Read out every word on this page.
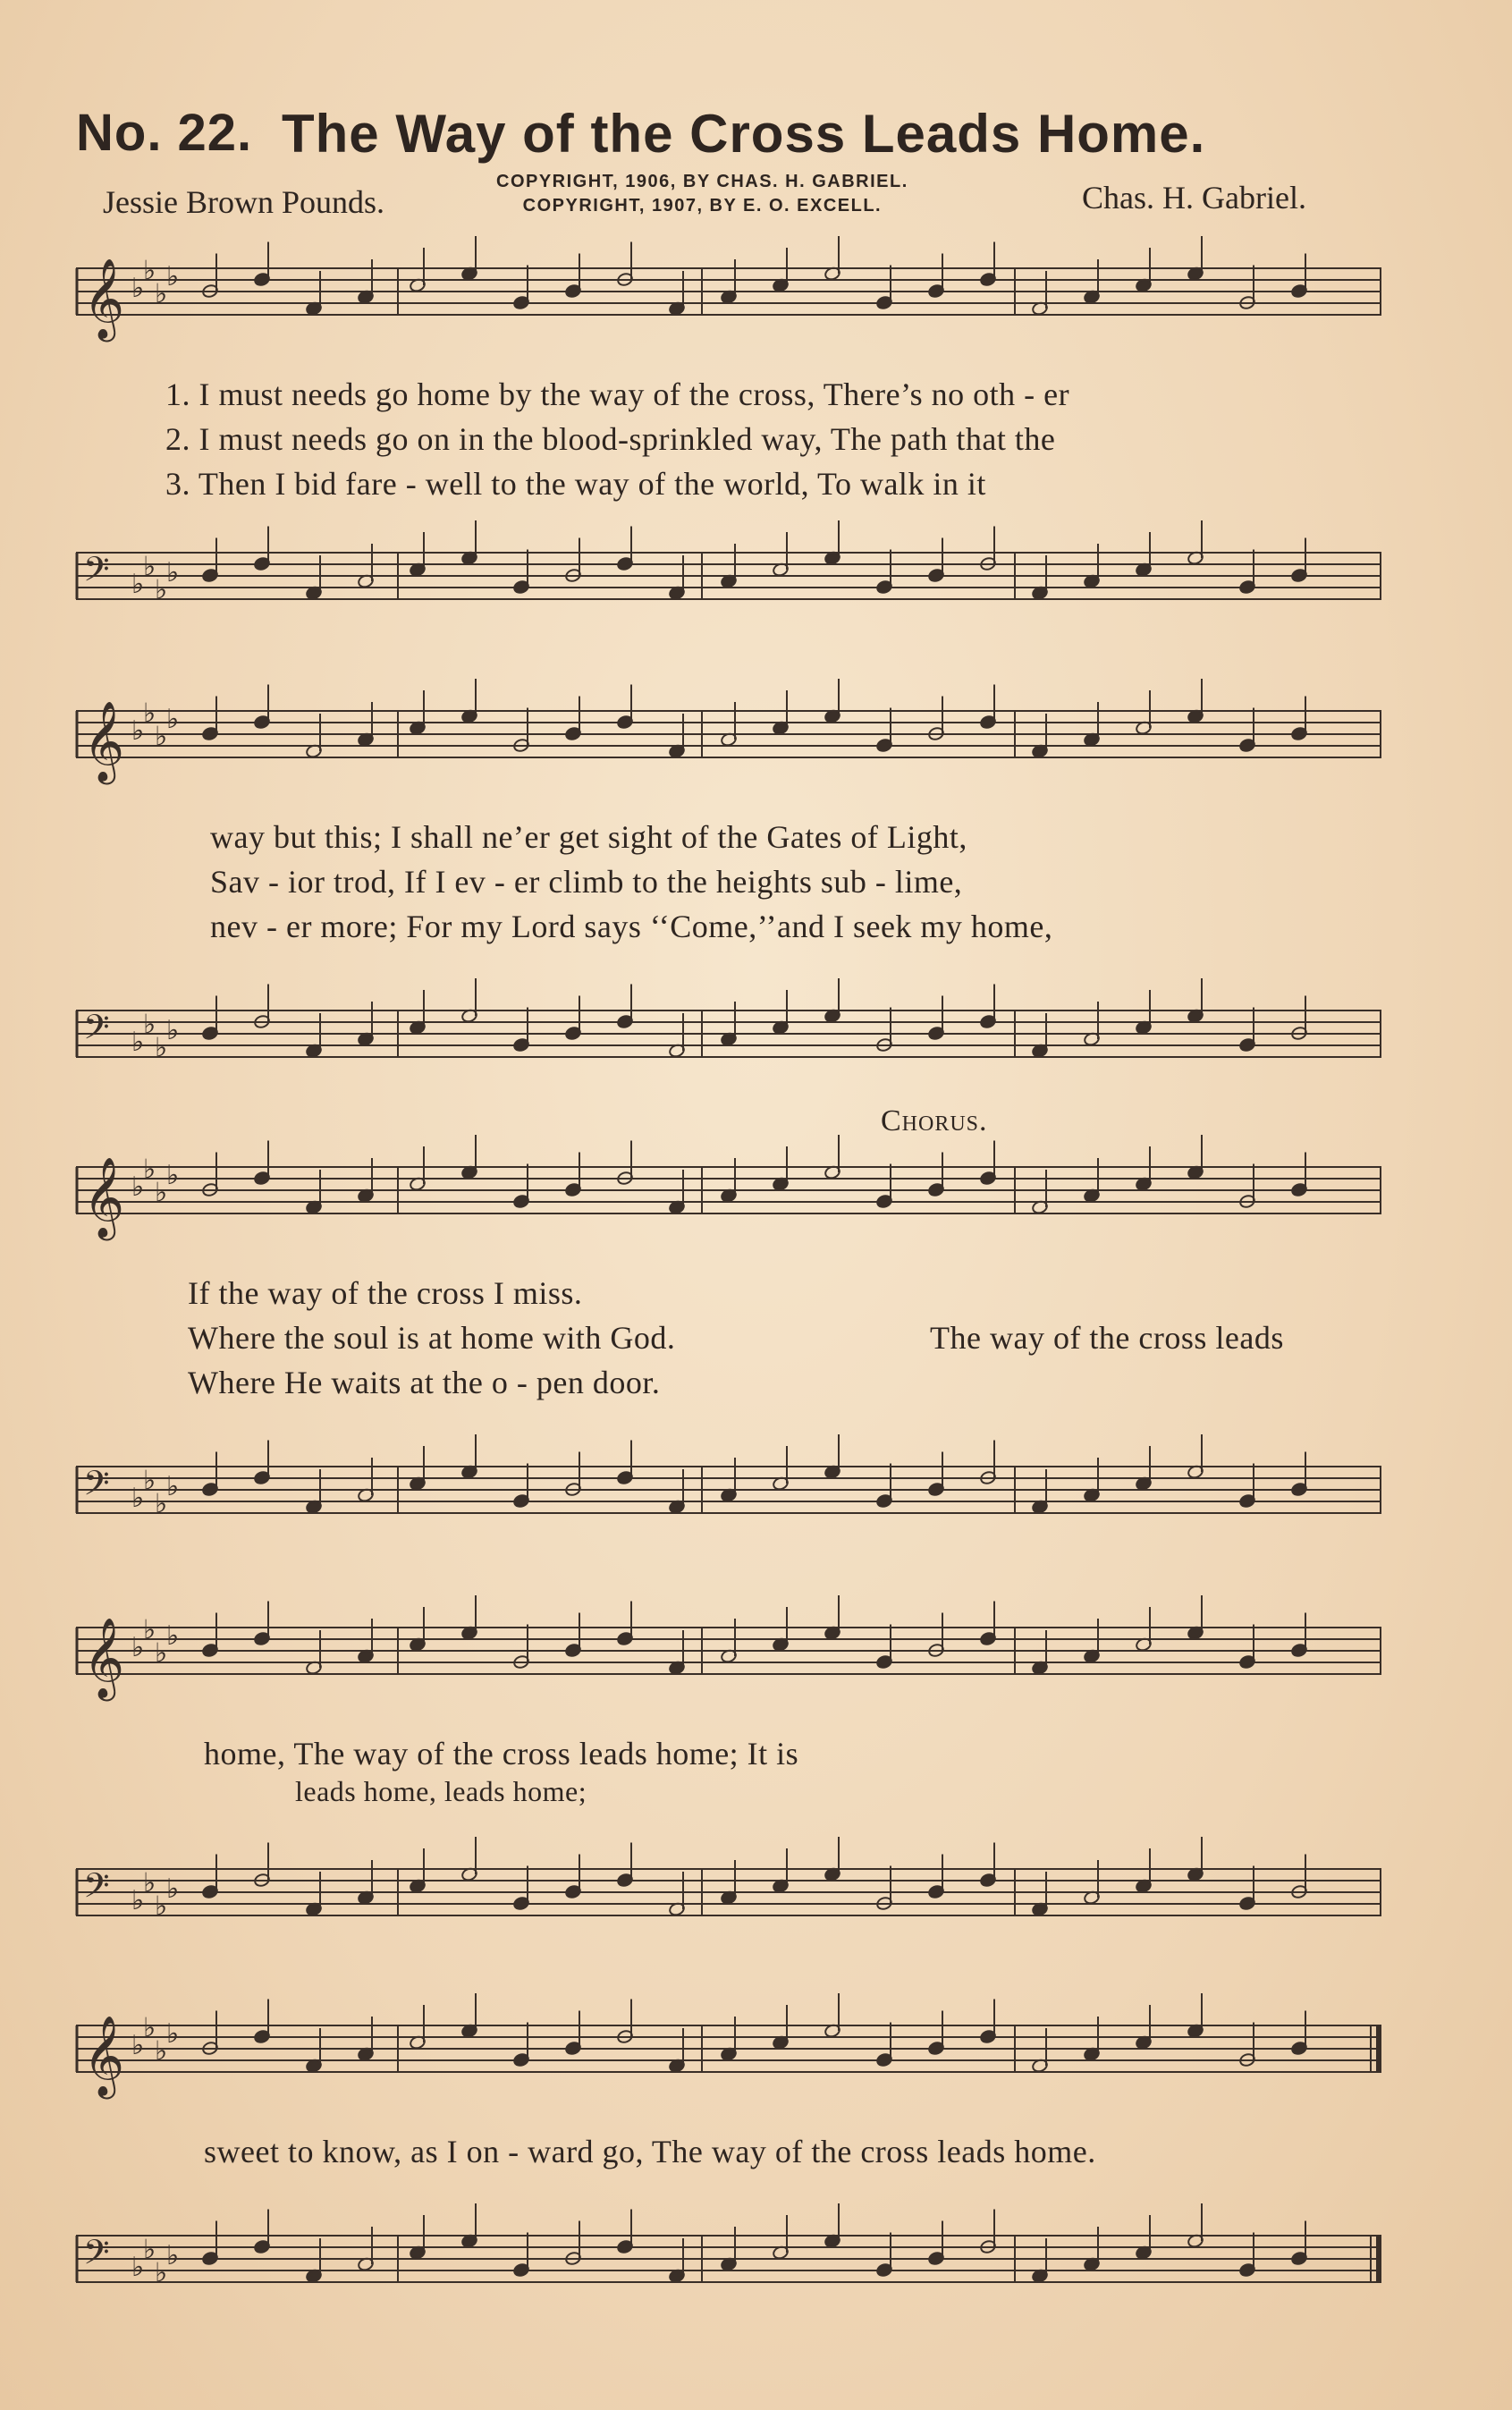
No. 22. The Way of the Cross Leads Home.
Jessie Brown Pounds.
COPYRIGHT, 1906, BY CHAS. H. GABRIEL.
COPYRIGHT, 1907, BY E. O. EXCELL.	Chas. H. Gabriel.
𝄞 ♭
♭
♭
♭
1. I must needs go home by the way of the cross, There’s no oth - er
2. I must needs go on in the blood-sprinkled way, The path that the
3. Then I bid fare - well to the way of the world, To walk in it
𝄢 ♭
♭
♭
♭
𝄞 ♭
♭
♭
♭
way but this; I shall ne’er get sight of the Gates of Light,
Sav - ior trod, If I ev - er climb to the heights sub - lime,
nev - er more; For my Lord says ‘‘Come,’’and I seek my home,
𝄢 ♭
♭
♭
♭
Chorus.
𝄞 ♭
♭
♭
♭
If the way of the cross I miss.
Where the soul is at home with God.
Where He waits at the o - pen door.
The way of the cross leads
𝄢 ♭
♭
♭
♭
𝄞 ♭
♭
♭
♭
home, The way of the cross leads home; It is
leads home, leads home;
𝄢 ♭
♭
♭
♭
𝄞 ♭
♭
♭
♭
sweet to know, as I on - ward go, The way of the cross leads home.
𝄢 ♭
♭
♭
♭
